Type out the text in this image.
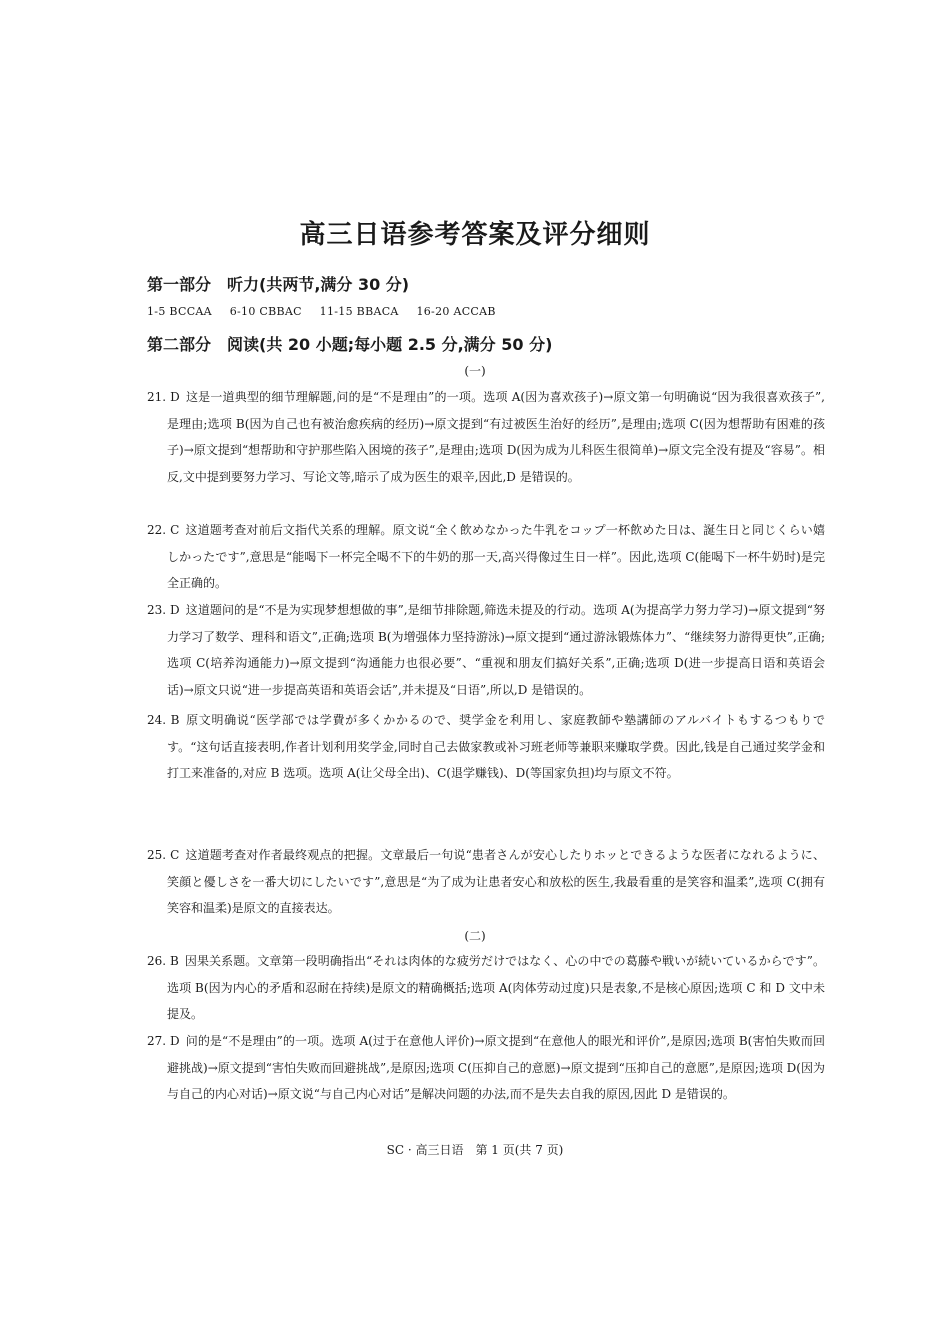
高三日语参考答案及评分细则
第一部分　听力(共两节,满分 30 分)
1-5 BCCAA 6-10 CBBAC 11-15 BBACA 16-20 ACCAB
第二部分　阅读(共 20 小题;每小题 2.5 分,满分 50 分)
(一)
21. D 这是一道典型的细节理解题,问的是“不是理由”的一项。选项 A(因为喜欢孩子)→原文第一句明确说“因为我很喜欢孩子”,是理由;选项 B(因为自己也有被治愈疾病的经历)→原文提到“有过被医生治好的经历”,是理由;选项 C(因为想帮助有困难的孩子)→原文提到“想帮助和守护那些陷入困境的孩子”,是理由;选项 D(因为成为儿科医生很简单)→原文完全没有提及“容易”。相反,文中提到要努力学习、写论文等,暗示了成为医生的艰辛,因此,D 是错误的。
22. C 这道题考查对前后文指代关系的理解。原文说“全く飲めなかった牛乳をコップ一杯飲めた日は、誕生日と同じくらい嬉しかったです”,意思是“能喝下一杯完全喝不下的牛奶的那一天,高兴得像过生日一样”。因此,选项 C(能喝下一杯牛奶时)是完全正确的。
23. D 这道题问的是“不是为实现梦想想做的事”,是细节排除题,筛选未提及的行动。选项 A(为提高学力努力学习)→原文提到“努力学习了数学、理科和语文”,正确;选项 B(为增强体力坚持游泳)→原文提到“通过游泳锻炼体力”、“继续努力游得更快”,正确;选项 C(培养沟通能力)→原文提到“沟通能力也很必要”、“重视和朋友们搞好关系”,正确;选项 D(进一步提高日语和英语会话)→原文只说“进一步提高英语和英语会话”,并未提及“日语”,所以,D 是错误的。
24. B 原文明确说“医学部では学費が多くかかるので、奨学金を利用し、家庭教師や塾講師のアルバイトもするつもりです。“这句话直接表明,作者计划利用奖学金,同时自己去做家教或补习班老师等兼职来赚取学费。因此,钱是自己通过奖学金和打工来准备的,对应 B 选项。选项 A(让父母全出)、C(退学赚钱)、D(等国家负担)均与原文不符。
25. C 这道题考查对作者最终观点的把握。文章最后一句说“患者さんが安心したりホッとできるような医者になれるように、笑顔と優しさを一番大切にしたいです”,意思是“为了成为让患者安心和放松的医生,我最看重的是笑容和温柔”,选项 C(拥有笑容和温柔)是原文的直接表达。
(二)
26. B 因果关系题。文章第一段明确指出“それは肉体的な疲労だけではなく、心の中での葛藤や戦いが続いているからです”。选项 B(因为内心的矛盾和忍耐在持续)是原文的精确概括;选项 A(肉体劳动过度)只是表象,不是核心原因;选项 C 和 D 文中未提及。
27. D 问的是“不是理由”的一项。选项 A(过于在意他人评价)→原文提到“在意他人的眼光和评价”,是原因;选项 B(害怕失败而回避挑战)→原文提到“害怕失败而回避挑战”,是原因;选项 C(压抑自己的意愿)→原文提到“压抑自己的意愿”,是原因;选项 D(因为与自己的内心对话)→原文说“与自己内心对话”是解决问题的办法,而不是失去自我的原因,因此 D 是错误的。
SC · 高三日语　第 1 页(共 7 页)
